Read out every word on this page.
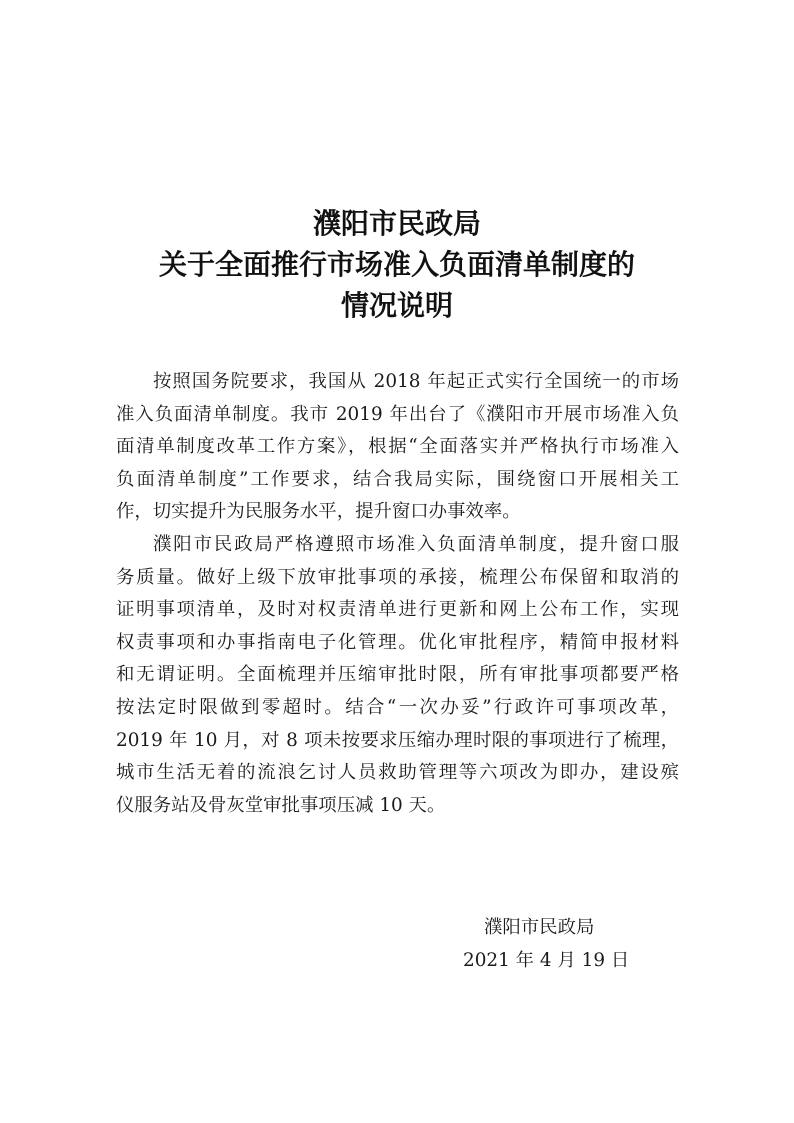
濮阳市民政局
关于全面推行市场准入负面清单制度的
情况说明
按照国务院要求，我国从 2018 年起正式实行全国统一的市场
准入负面清单制度。我市 2019 年出台了《濮阳市开展市场准入负
面清单制度改革工作方案》，根据“全面落实并严格执行市场准入
负面清单制度”工作要求，结合我局实际，围绕窗口开展相关工
作，切实提升为民服务水平，提升窗口办事效率。
濮阳市民政局严格遵照市场准入负面清单制度，提升窗口服
务质量。做好上级下放审批事项的承接，梳理公布保留和取消的
证明事项清单，及时对权责清单进行更新和网上公布工作，实现
权责事项和办事指南电子化管理。优化审批程序，精简申报材料
和无谓证明。全面梳理并压缩审批时限，所有审批事项都要严格
按法定时限做到零超时。结合“一次办妥”行政许可事项改革，
2019 年 10 月，对 8 项未按要求压缩办理时限的事项进行了梳理，
城市生活无着的流浪乞讨人员救助管理等六项改为即办，建设殡
仪服务站及骨灰堂审批事项压减 10 天。
濮阳市民政局
2021 年 4 月 19 日
